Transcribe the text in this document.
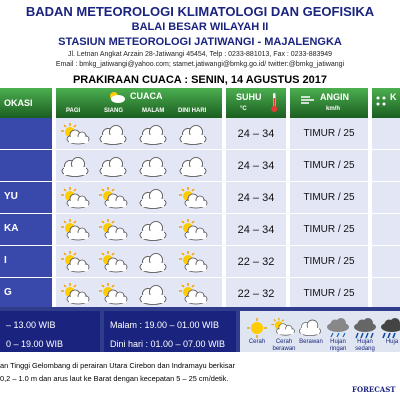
BADAN METEOROLOGI KLIMATOLOGI DAN GEOFISIKA
BALAI BESAR WILAYAH II
STASIUN METEOROLOGI JATIWANGI - MAJALENGKA
Jl. Letnan Angkat Arzain 28-Jatiwangi 45454, Telp : 0233-881013, Fax : 0233-883949
Email : bmkg_jatiwangi@yahoo.com; stamet.jatiwangi@bmkg.go.id/ twitter:@bmkg_jatiwangi
PRAKIRAAN CUACA : SENIN, 14 AGUSTUS 2017
OKASI
CUACA
PAGI	SIANG	MALAM DINI HARI
SUHU
°C
ANGIN
km/h
K
24 – 34	TIMUR / 25
24 – 34	TIMUR / 25
YU	24 – 34	TIMUR / 25
KA	24 – 34	TIMUR / 25
I	22 – 32	TIMUR / 25
G	22 – 32	TIMUR / 25
– 13.00 WIB
0 – 19.00 WIB
Malam : 19.00 – 01.00 WIB
Dini hari : 01.00 – 07.00 WIB	Cerah	Cerah berawan
Berawan	Hujan ringan
Hujan sedang
Huja
an Tinggi Gelombang di perairan Utara Cirebon dan Indramayu berkisar
0,2 – 1.0 m dan arus laut ke Barat dengan kecepatan 5 – 25 cm/detik.
FORECAST
